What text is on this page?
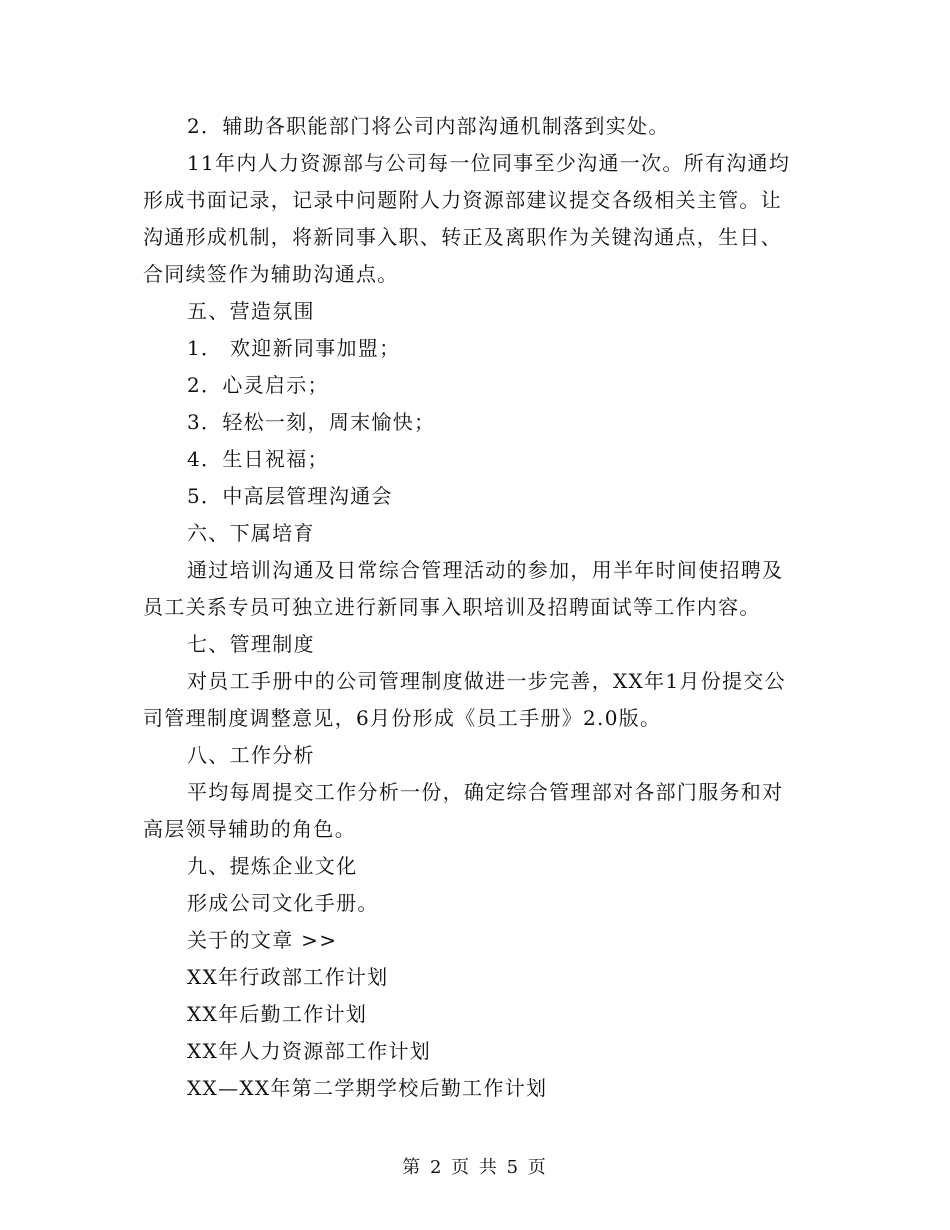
2．辅助各职能部门将公司内部沟通机制落到实处。

11年内人力资源部与公司每一位同事至少沟通一次。所有沟通均
形成书面记录，记录中问题附人力资源部建议提交各级相关主管。让
沟通形成机制，将新同事入职、转正及离职作为关键沟通点，生日、
合同续签作为辅助沟通点。

五、营造氛围

1． 欢迎新同事加盟；

2．心灵启示；

3．轻松一刻，周末愉快；

4．生日祝福；

5．中高层管理沟通会

六、下属培育

通过培训沟通及日常综合管理活动的参加，用半年时间使招聘及
员工关系专员可独立进行新同事入职培训及招聘面试等工作内容。

七、管理制度

对员工手册中的公司管理制度做进一步完善，XX年1月份提交公
司管理制度调整意见，6月份形成《员工手册》2.0版。

八、工作分析

平均每周提交工作分析一份，确定综合管理部对各部门服务和对
高层领导辅助的角色。

九、提炼企业文化

形成公司文化手册。

关于的文章 >>

XX年行政部工作计划

XX年后勤工作计划

XX年人力资源部工作计划

XX—XX年第二学期学校后勤工作计划

第 2 页 共 5 页
